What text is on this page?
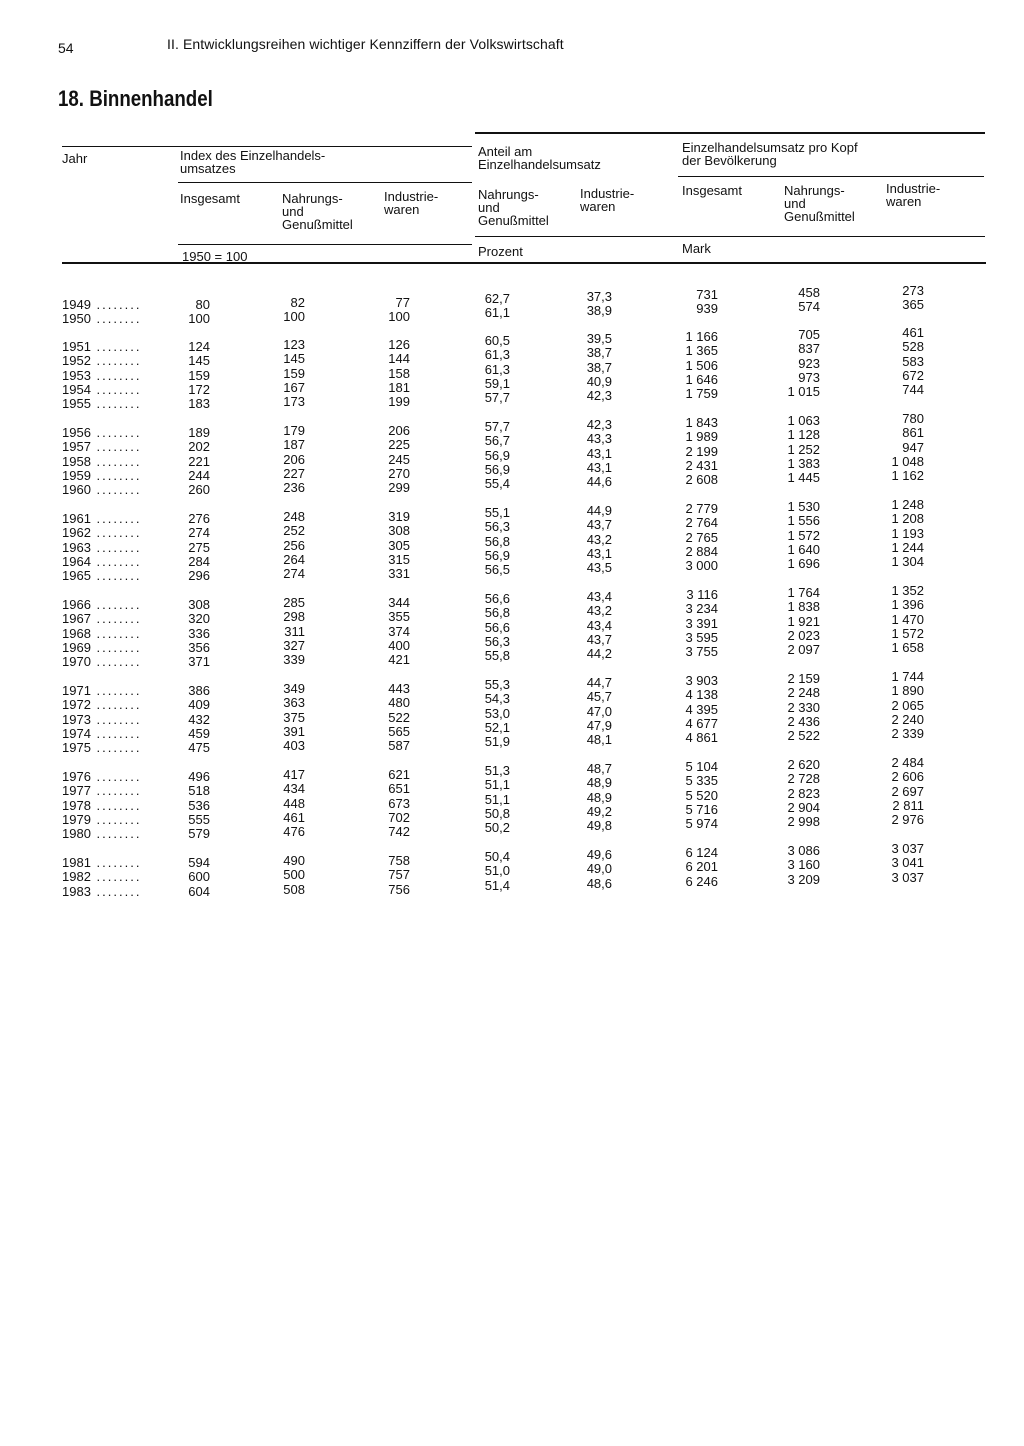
54	II. Entwicklungsreihen wichtiger Kennziffern der Volkswirtschaft
18. Binnenhandel
Jahr	Index des Einzelhandels-
umsatzes
Anteil am
Einzelhandelsumsatz
Einzelhandelsumsatz pro Kopf
der Bevölkerung
Insgesamt	Nahrungs-
und
Genußmittel
Industrie-
waren
Nahrungs-
und
Genußmittel
Industrie-
waren
Insgesamt	Nahrungs-
und
Genußmittel
Industrie-
waren
1950 = 100	Prozent	Mark
1949 ........	80	82	77	62,7	37,3	731	458	273
1950 ........	100	100	100	61,1	38,9	939	574	365
1951 ........	124	123	126	60,5	39,5	1 166	705	461
1952 ........	145	145	144	61,3	38,7	1 365	837	528
1953 ........	159	159	158	61,3	38,7	1 506	923	583
1954 ........	172	167	181	59,1	40,9	1 646	973	672
1955 ........	183	173	199	57,7	42,3	1 759	1 015	744
1956 ........	189	179	206	57,7	42,3	1 843	1 063	780
1957 ........	202	187	225	56,7	43,3	1 989	1 128	861
1958 ........	221	206	245	56,9	43,1	2 199	1 252	947
1959 ........	244	227	270	56,9	43,1	2 431	1 383	1 048
1960 ........	260	236	299	55,4	44,6	2 608	1 445	1 162
1961 ........	276	248	319	55,1	44,9	2 779	1 530	1 248
1962 ........	274	252	308	56,3	43,7	2 764	1 556	1 208
1963 ........	275	256	305	56,8	43,2	2 765	1 572	1 193
1964 ........	284	264	315	56,9	43,1	2 884	1 640	1 244
1965 ........	296	274	331	56,5	43,5	3 000	1 696	1 304
1966 ........	308	285	344	56,6	43,4	3 116	1 764	1 352
1967 ........	320	298	355	56,8	43,2	3 234	1 838	1 396
1968 ........	336	311	374	56,6	43,4	3 391	1 921	1 470
1969 ........	356	327	400	56,3	43,7	3 595	2 023	1 572
1970 ........	371	339	421	55,8	44,2	3 755	2 097	1 658
1971 ........	386	349	443	55,3	44,7	3 903	2 159	1 744
1972 ........	409	363	480	54,3	45,7	4 138	2 248	1 890
1973 ........	432	375	522	53,0	47,0	4 395	2 330	2 065
1974 ........	459	391	565	52,1	47,9	4 677	2 436	2 240
1975 ........	475	403	587	51,9	48,1	4 861	2 522	2 339
1976 ........	496	417	621	51,3	48,7	5 104	2 620	2 484
1977 ........	518	434	651	51,1	48,9	5 335	2 728	2 606
1978 ........	536	448	673	51,1	48,9	5 520	2 823	2 697
1979 ........	555	461	702	50,8	49,2	5 716	2 904	2 811
1980 ........	579	476	742	50,2	49,8	5 974	2 998	2 976
1981 ........	594	490	758	50,4	49,6	6 124	3 086	3 037
1982 ........	600	500	757	51,0	49,0	6 201	3 160	3 041
1983 ........	604	508	756	51,4	48,6	6 246	3 209	3 037
